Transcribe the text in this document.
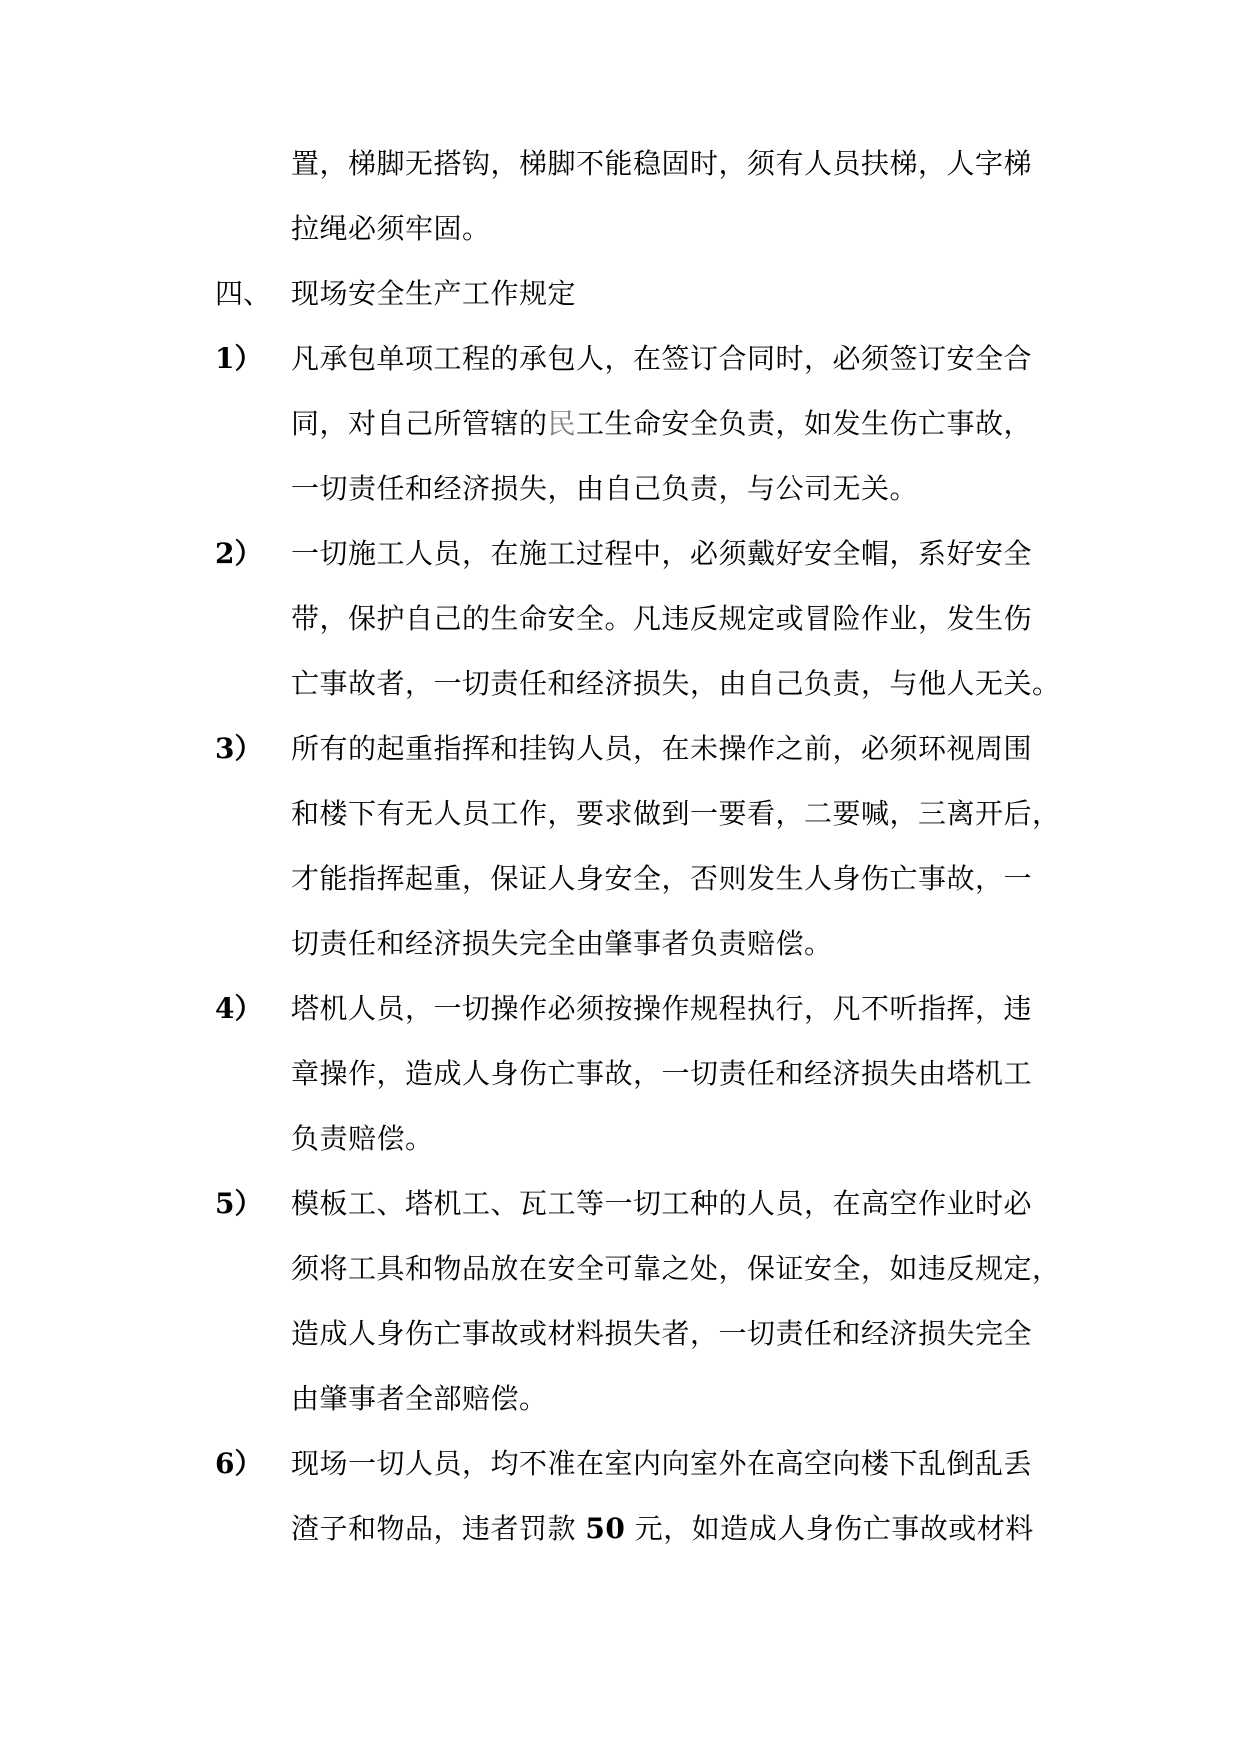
置，梯脚无搭钩，梯脚不能稳固时，须有人员扶梯，人字梯
拉绳必须牢固。
四、 现场安全生产工作规定
1） 凡承包单项工程的承包人，在签订合同时，必须签订安全合
同，对自己所管辖的民工生命安全负责，如发生伤亡事故，
一切责任和经济损失，由自己负责，与公司无关。
2） 一切施工人员，在施工过程中，必须戴好安全帽，系好安全
带，保护自己的生命安全。凡违反规定或冒险作业，发生伤
亡事故者，一切责任和经济损失，由自己负责，与他人无关。
3） 所有的起重指挥和挂钩人员，在未操作之前，必须环视周围
和楼下有无人员工作，要求做到一要看，二要喊，三离开后，
才能指挥起重，保证人身安全，否则发生人身伤亡事故，一
切责任和经济损失完全由肇事者负责赔偿。
4） 塔机人员，一切操作必须按操作规程执行，凡不听指挥，违
章操作，造成人身伤亡事故，一切责任和经济损失由塔机工
负责赔偿。
5） 模板工、塔机工、瓦工等一切工种的人员，在高空作业时必
须将工具和物品放在安全可靠之处，保证安全，如违反规定，
造成人身伤亡事故或材料损失者，一切责任和经济损失完全
由肇事者全部赔偿。
6） 现场一切人员，均不准在室内向室外在高空向楼下乱倒乱丢
渣子和物品，违者罚款 50 元，如造成人身伤亡事故或材料
